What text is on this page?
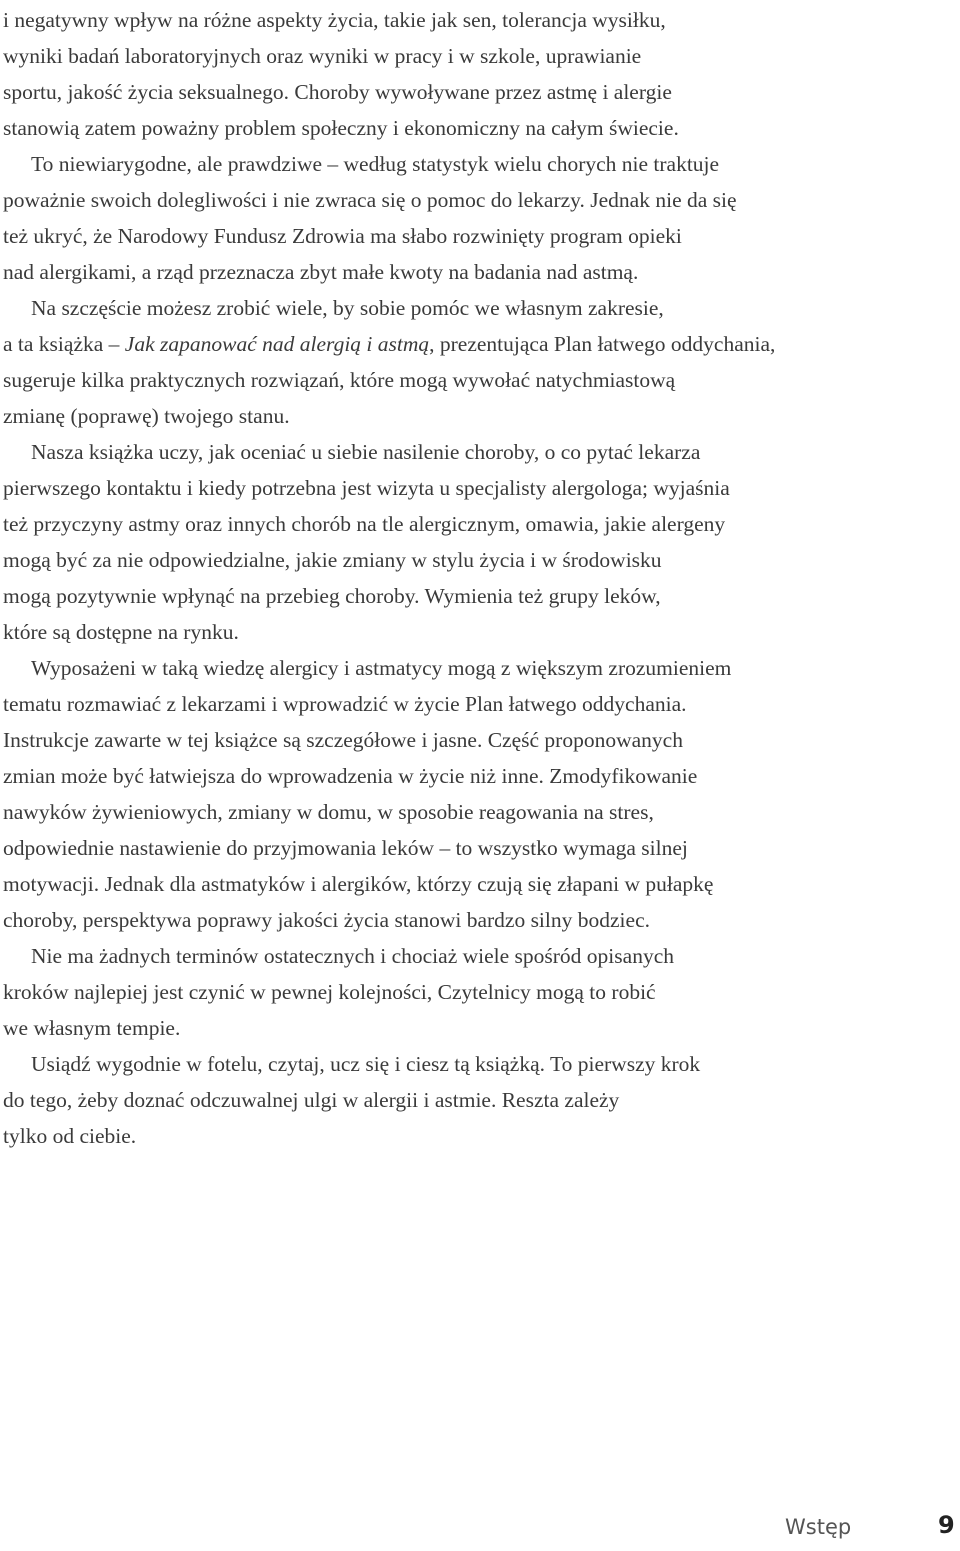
i negatywny wpływ na różne aspekty życia, takie jak sen, tolerancja wysiłku,
wyniki badań laboratoryjnych oraz wyniki w pracy i w szkole, uprawianie
sportu, jakość życia seksualnego. Choroby wywoływane przez astmę i alergie
stanowią zatem poważny problem społeczny i ekonomiczny na całym świecie.
To niewiarygodne, ale prawdziwe – według statystyk wielu chorych nie traktuje
poważnie swoich dolegliwości i nie zwraca się o pomoc do lekarzy. Jednak nie da się
też ukryć, że Narodowy Fundusz Zdrowia ma słabo rozwinięty program opieki
nad alergikami, a rząd przeznacza zbyt małe kwoty na badania nad astmą.
Na szczęście możesz zrobić wiele, by sobie pomóc we własnym zakresie,
a ta książka – Jak zapanować nad alergią i astmą, prezentująca Plan łatwego oddychania,
sugeruje kilka praktycznych rozwiązań, które mogą wywołać natychmiastową
zmianę (poprawę) twojego stanu.
Nasza książka uczy, jak oceniać u siebie nasilenie choroby, o co pytać lekarza
pierwszego kontaktu i kiedy potrzebna jest wizyta u specjalisty alergologa; wyjaśnia
też przyczyny astmy oraz innych chorób na tle alergicznym, omawia, jakie alergeny
mogą być za nie odpowiedzialne, jakie zmiany w stylu życia i w środowisku
mogą pozytywnie wpłynąć na przebieg choroby. Wymienia też grupy leków,
które są dostępne na rynku.
Wyposażeni w taką wiedzę alergicy i astmatycy mogą z większym zrozumieniem
tematu rozmawiać z lekarzami i wprowadzić w życie Plan łatwego oddychania.
Instrukcje zawarte w tej książce są szczegółowe i jasne. Część proponowanych
zmian może być łatwiejsza do wprowadzenia w życie niż inne. Zmodyfikowanie
nawyków żywieniowych, zmiany w domu, w sposobie reagowania na stres,
odpowiednie nastawienie do przyjmowania leków – to wszystko wymaga silnej
motywacji. Jednak dla astmatyków i alergików, którzy czują się złapani w pułapkę
choroby, perspektywa poprawy jakości życia stanowi bardzo silny bodziec.
Nie ma żadnych terminów ostatecznych i chociaż wiele spośród opisanych
kroków najlepiej jest czynić w pewnej kolejności, Czytelnicy mogą to robić
we własnym tempie.
Usiądź wygodnie w fotelu, czytaj, ucz się i ciesz tą książką. To pierwszy krok
do tego, żeby doznać odczuwalnej ulgi w alergii i astmie. Reszta zależy
tylko od ciebie.
Wstęp	9
